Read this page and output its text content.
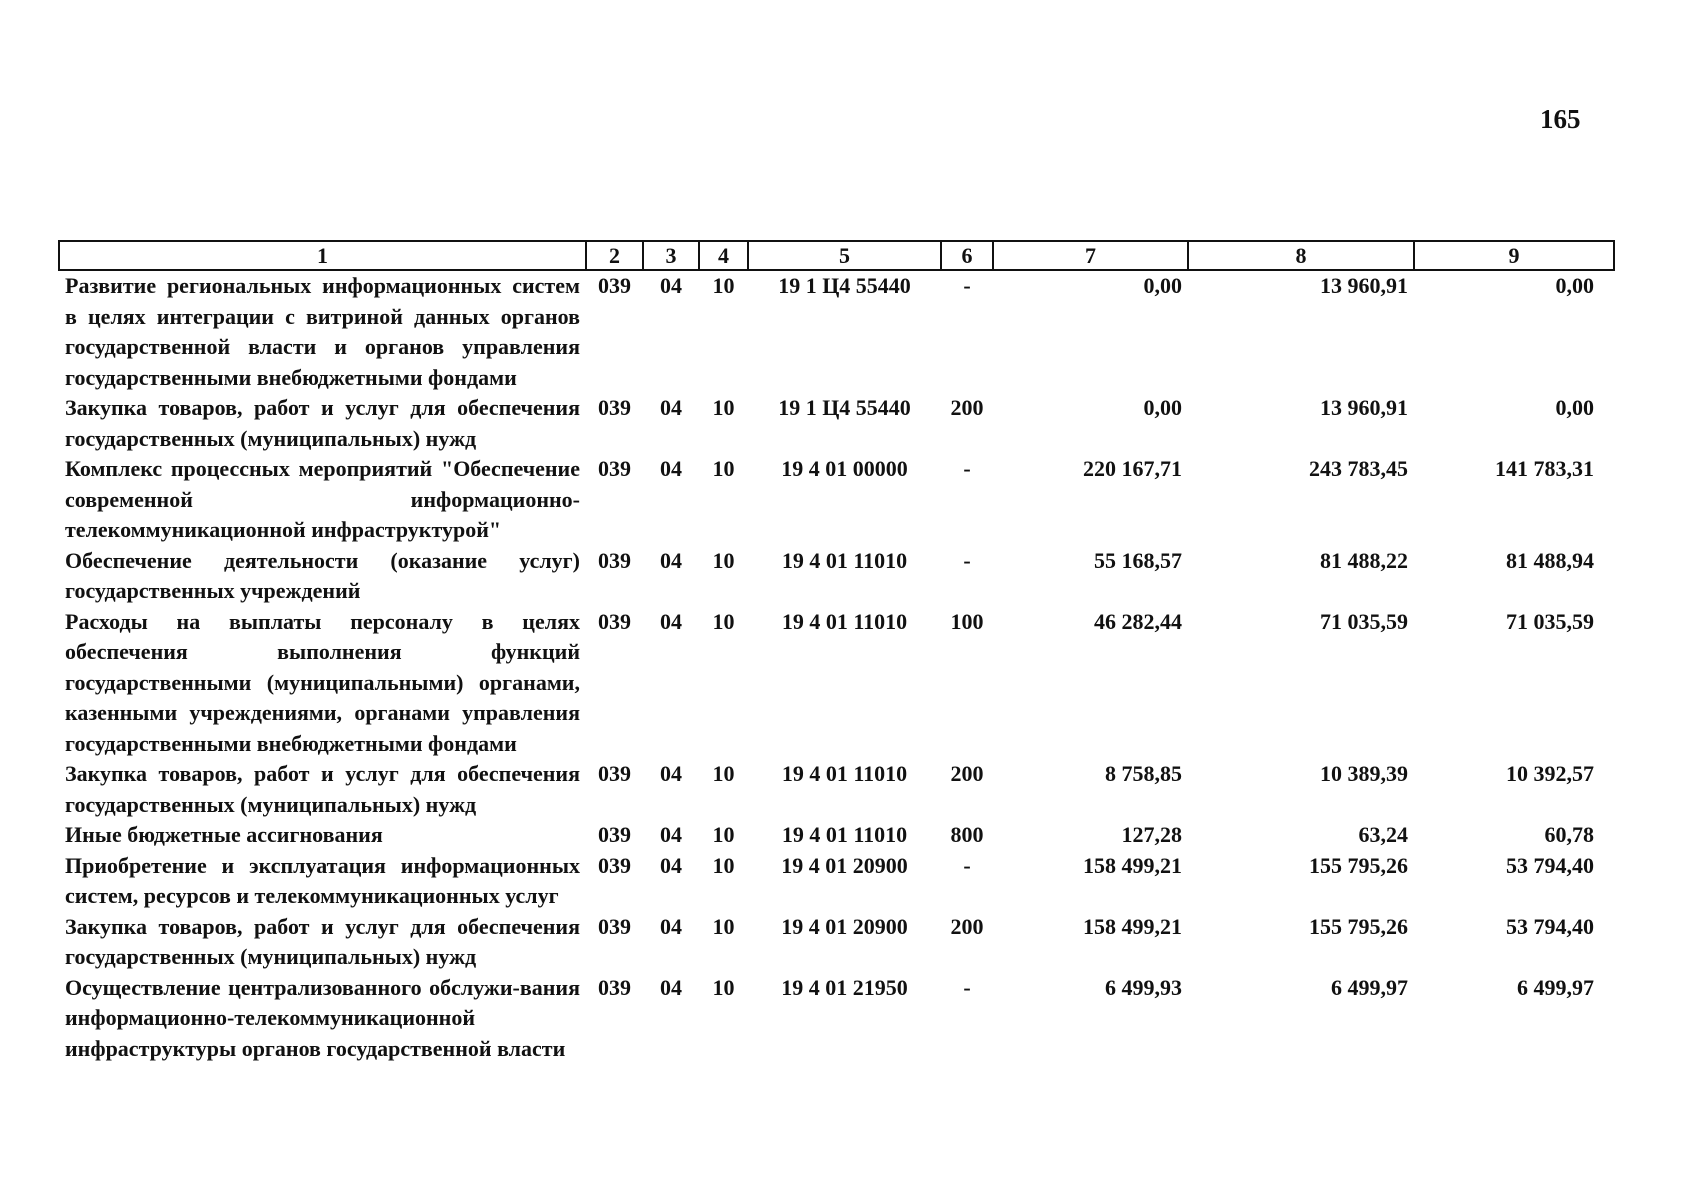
165
1	2	3	4	5	6	7	8	9
Развитие региональных информационных систем в целях интеграции с витриной данных органов государственной власти и органов управления государственными внебюджетными фондами	039	04	10	19 1 Ц4 55440	-	0,00	13 960,91	0,00
Закупка товаров, работ и услуг для обеспечения государственных (муниципальных) нужд	039	04	10	19 1 Ц4 55440	200	0,00	13 960,91	0,00
Комплекс процессных мероприятий "Обеспечение современной информационно-телекоммуникационной инфраструктурой"	039	04	10	19 4 01 00000	-	220 167,71	243 783,45	141 783,31
Обеспечение деятельности (оказание услуг) государственных учреждений	039	04	10	19 4 01 11010	-	55 168,57	81 488,22	81 488,94
Расходы на выплаты персоналу в целях обеспечения выполнения функций государственными (муниципальными) органами, казенными учреждениями, органами управления государственными внебюджетными фондами	039	04	10	19 4 01 11010	100	46 282,44	71 035,59	71 035,59
Закупка товаров, работ и услуг для обеспечения государственных (муниципальных) нужд	039	04	10	19 4 01 11010	200	8 758,85	10 389,39	10 392,57
Иные бюджетные ассигнования	039	04	10	19 4 01 11010	800	127,28	63,24	60,78
Приобретение и эксплуатация информационных систем, ресурсов и телекоммуникационных услуг	039	04	10	19 4 01 20900	-	158 499,21	155 795,26	53 794,40
Закупка товаров, работ и услуг для обеспечения государственных (муниципальных) нужд	039	04	10	19 4 01 20900	200	158 499,21	155 795,26	53 794,40
Осуществление централизованного обслужи-вания информационно-телекоммуникационной инфраструктуры органов государственной власти	039	04	10	19 4 01 21950	-	6 499,93	6 499,97	6 499,97
